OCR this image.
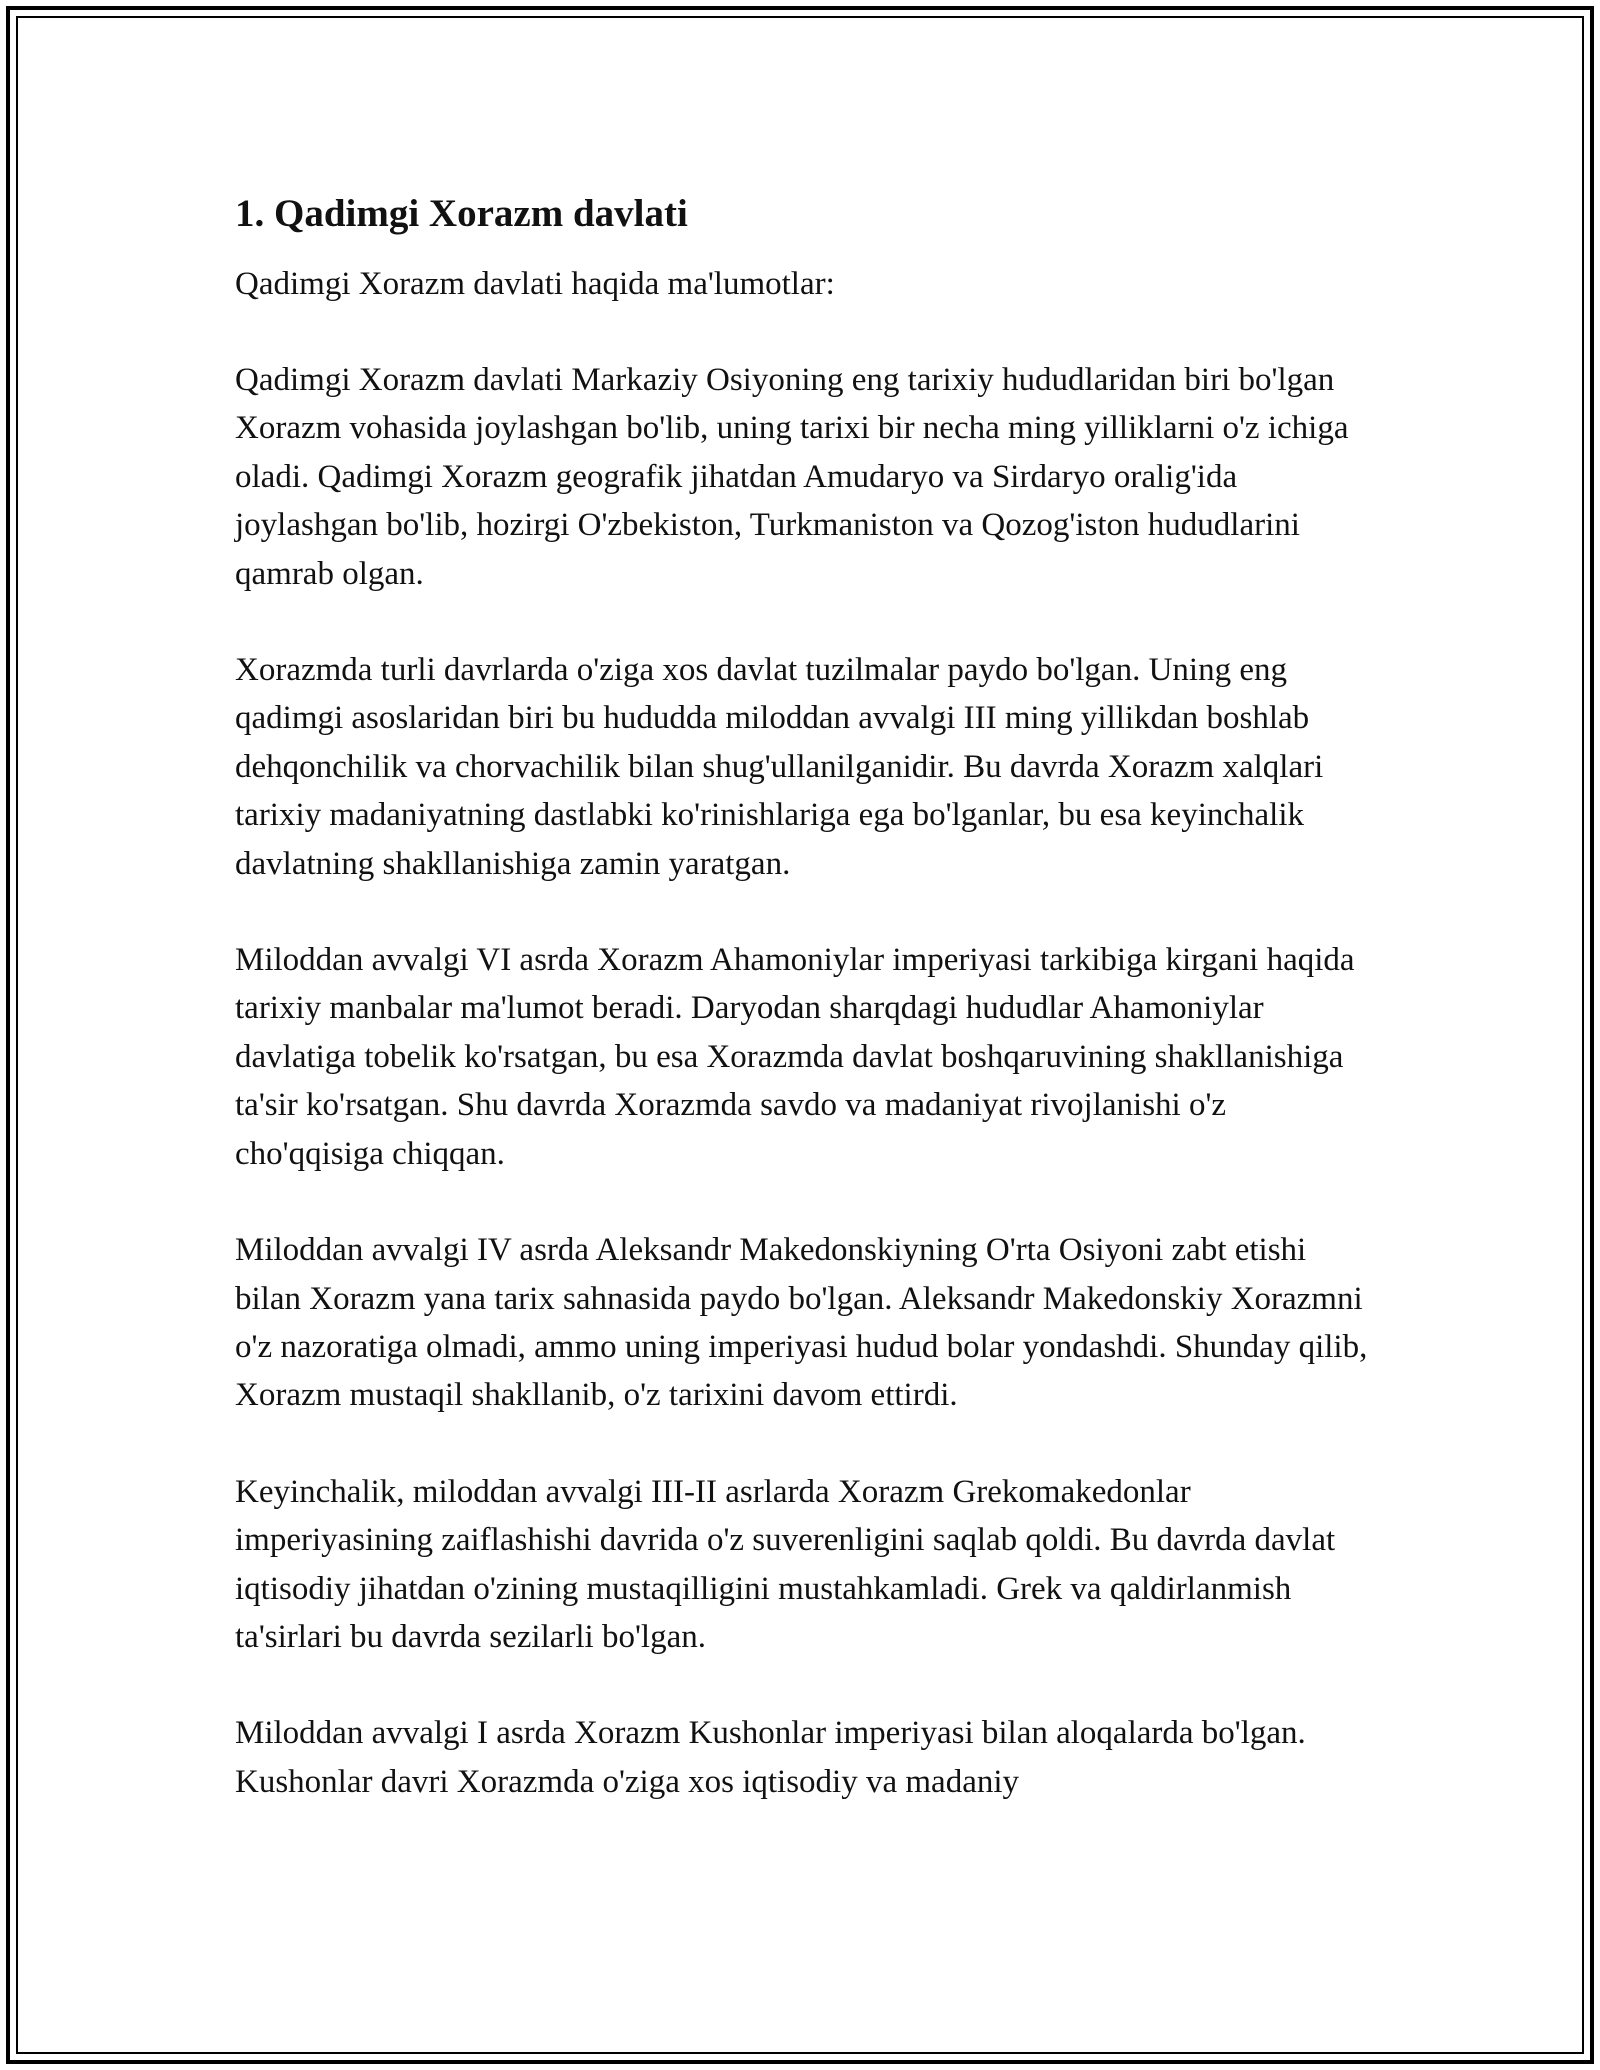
1. Qadimgi Xorazm davlati

Qadimgi Xorazm davlati haqida ma'lumotlar:

Qadimgi Xorazm davlati Markaziy Osiyoning eng tarixiy hududlaridan biri bo'lgan Xorazm vohasida joylashgan bo'lib, uning tarixi bir necha ming yilliklarni o'z ichiga oladi. Qadimgi Xorazm geografik jihatdan Amudaryo va Sirdaryo oralig'ida joylashgan bo'lib, hozirgi O'zbekiston, Turkmaniston va Qozog'iston hududlarini qamrab olgan.

Xorazmda turli davrlarda o'ziga xos davlat tuzilmalar paydo bo'lgan. Uning eng qadimgi asoslaridan biri bu hududda miloddan avvalgi III ming yillikdan boshlab dehqonchilik va chorvachilik bilan shug'ullanilganidir. Bu davrda Xorazm xalqlari tarixiy madaniyatning dastlabki ko'rinishlariga ega bo'lganlar, bu esa keyinchalik davlatning shakllanishiga zamin yaratgan.

Miloddan avvalgi VI asrda Xorazm Ahamoniylar imperiyasi tarkibiga kirgani haqida tarixiy manbalar ma'lumot beradi. Daryodan sharqdagi hududlar Ahamoniylar davlatiga tobelik ko'rsatgan, bu esa Xorazmda davlat boshqaruvining shakllanishiga ta'sir ko'rsatgan. Shu davrda Xorazmda savdo va madaniyat rivojlanishi o'z cho'qqisiga chiqqan.

Miloddan avvalgi IV asrda Aleksandr Makedonskiyning O'rta Osiyoni zabt etishi bilan Xorazm yana tarix sahnasida paydo bo'lgan. Aleksandr Makedonskiy Xorazmni o'z nazoratiga olmadi, ammo uning imperiyasi hudud bolar yondashdi. Shunday qilib, Xorazm mustaqil shakllanib, o'z tarixini davom ettirdi.

Keyinchalik, miloddan avvalgi III-II asrlarda Xorazm Grekomakedonlar imperiyasining zaiflashishi davrida o'z suverenligini saqlab qoldi. Bu davrda davlat iqtisodiy jihatdan o'zining mustaqilligini mustahkamladi. Grek va qaldirlanmish ta'sirlari bu davrda sezilarli bo'lgan.

Miloddan avvalgi I asrda Xorazm Kushonlar imperiyasi bilan aloqalarda bo'lgan. Kushonlar davri Xorazmda o'ziga xos iqtisodiy va madaniy
